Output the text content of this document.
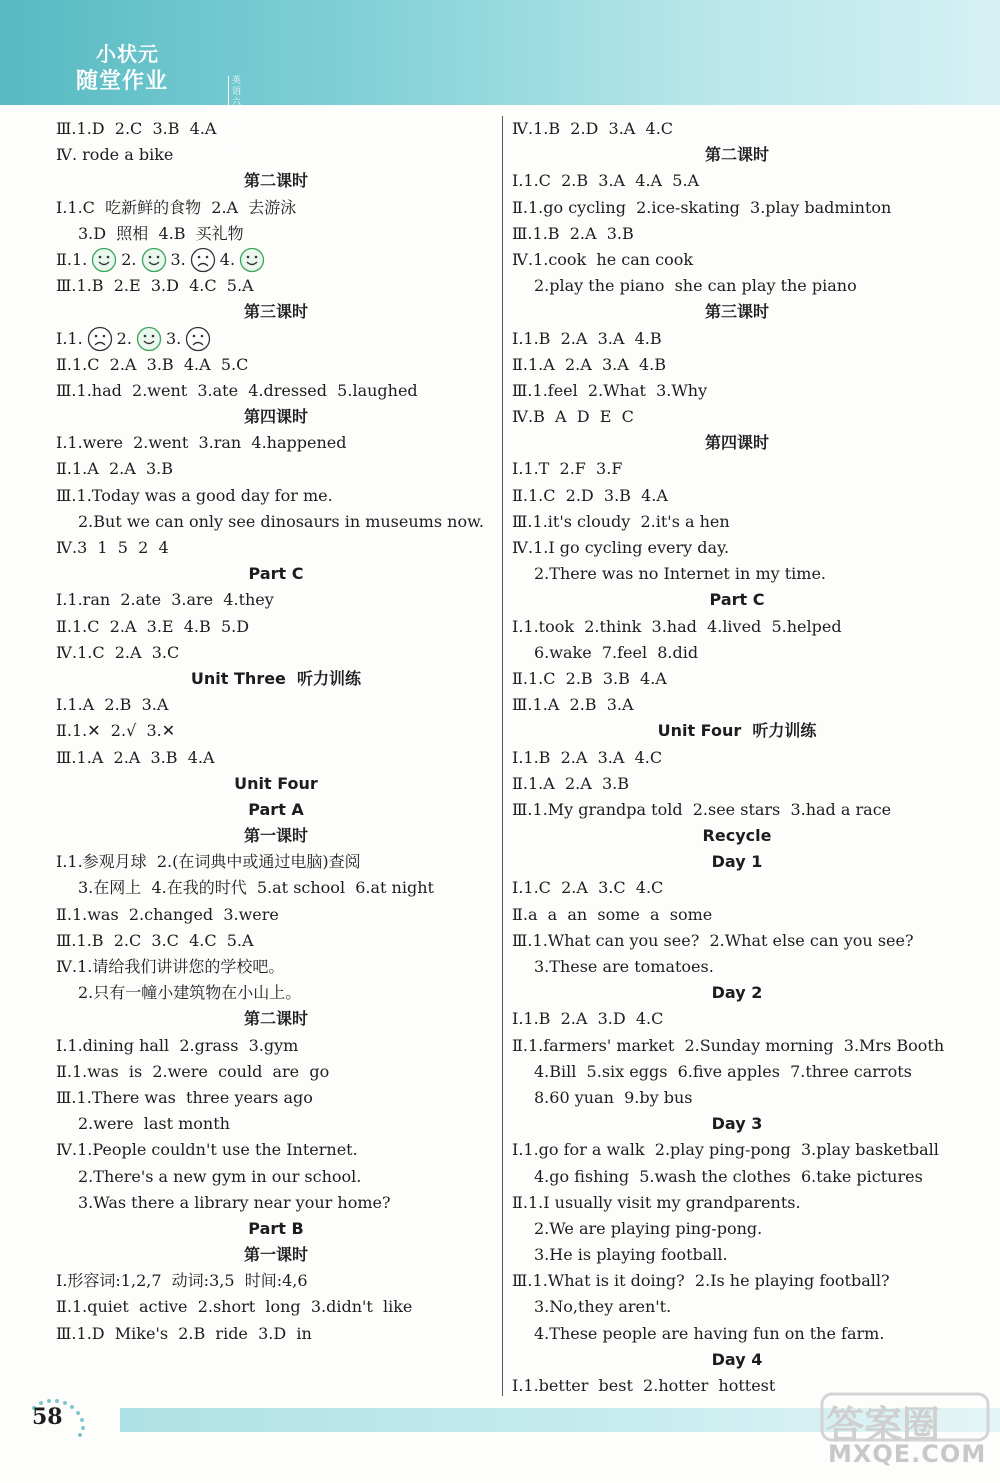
小状元
随堂作业	英语
六年级下
PEP
Ⅲ.1.D  2.C  3.B  4.A
Ⅳ. rode a bike
第二课时
Ⅰ.1.C  吃新鲜的食物  2.A  去游泳
3.D  照相  4.B  买礼物
Ⅱ.1. 2. 3. 4.
Ⅲ.1.B  2.E  3.D  4.C  5.A
第三课时
Ⅰ.1. 2. 3.
Ⅱ.1.C  2.A  3.B  4.A  5.C
Ⅲ.1.had  2.went  3.ate  4.dressed  5.laughed
第四课时
Ⅰ.1.were  2.went  3.ran  4.happened
Ⅱ.1.A  2.A  3.B
Ⅲ.1.Today was a good day for me.
2.But we can only see dinosaurs in museums now.
Ⅳ.3  1  5  2  4
Part C
Ⅰ.1.ran  2.ate  3.are  4.they
Ⅱ.1.C  2.A  3.E  4.B  5.D
Ⅳ.1.C  2.A  3.C
Unit Three  听力训练
Ⅰ.1.A  2.B  3.A
Ⅱ.1.✕  2.√  3.✕
Ⅲ.1.A  2.A  3.B  4.A
Unit Four
Part A
第一课时
Ⅰ.1.参观月球  2.(在词典中或通过电脑)查阅
3.在网上  4.在我的时代  5.at school  6.at night
Ⅱ.1.was  2.changed  3.were
Ⅲ.1.B  2.C  3.C  4.C  5.A
Ⅳ.1.请给我们讲讲您的学校吧。
2.只有一幢小建筑物在小山上。
第二课时
Ⅰ.1.dining hall  2.grass  3.gym
Ⅱ.1.was  is  2.were  could  are  go
Ⅲ.1.There was  three years ago
2.were  last month
Ⅳ.1.People couldn't use the Internet.
2.There's a new gym in our school.
3.Was there a library near your home?
Part B
第一课时
Ⅰ.形容词:1,2,7  动词:3,5  时间:4,6
Ⅱ.1.quiet  active  2.short  long  3.didn't  like
Ⅲ.1.D  Mike's  2.B  ride  3.D  in
Ⅳ.1.B  2.D  3.A  4.C
第二课时
Ⅰ.1.C  2.B  3.A  4.A  5.A
Ⅱ.1.go cycling  2.ice-skating  3.play badminton
Ⅲ.1.B  2.A  3.B
Ⅳ.1.cook  he can cook
2.play the piano  she can play the piano
第三课时
Ⅰ.1.B  2.A  3.A  4.B
Ⅱ.1.A  2.A  3.A  4.B
Ⅲ.1.feel  2.What  3.Why
Ⅳ.B  A  D  E  C
第四课时
Ⅰ.1.T  2.F  3.F
Ⅱ.1.C  2.D  3.B  4.A
Ⅲ.1.it's cloudy  2.it's a hen
Ⅳ.1.I go cycling every day.
2.There was no Internet in my time.
Part C
Ⅰ.1.took  2.think  3.had  4.lived  5.helped
6.wake  7.feel  8.did
Ⅱ.1.C  2.B  3.B  4.A
Ⅲ.1.A  2.B  3.A
Unit Four  听力训练
Ⅰ.1.B  2.A  3.A  4.C
Ⅱ.1.A  2.A  3.B
Ⅲ.1.My grandpa told  2.see stars  3.had a race
Recycle
Day 1
Ⅰ.1.C  2.A  3.C  4.C
Ⅱ.a  a  an  some  a  some
Ⅲ.1.What can you see?  2.What else can you see?
3.These are tomatoes.
Day 2
Ⅰ.1.B  2.A  3.D  4.C
Ⅱ.1.farmers' market  2.Sunday morning  3.Mrs Booth
4.Bill  5.six eggs  6.five apples  7.three carrots
8.60 yuan  9.by bus
Day 3
Ⅰ.1.go for a walk  2.play ping-pong  3.play basketball
4.go fishing  5.wash the clothes  6.take pictures
Ⅱ.1.I usually visit my grandparents.
2.We are playing ping-pong.
3.He is playing football.
Ⅲ.1.What is it doing?  2.Is he playing football?
3.No,they aren't.
4.These people are having fun on the farm.
Day 4
Ⅰ.1.better  best  2.hotter  hottest
58	答案圈
MXQE.COM
